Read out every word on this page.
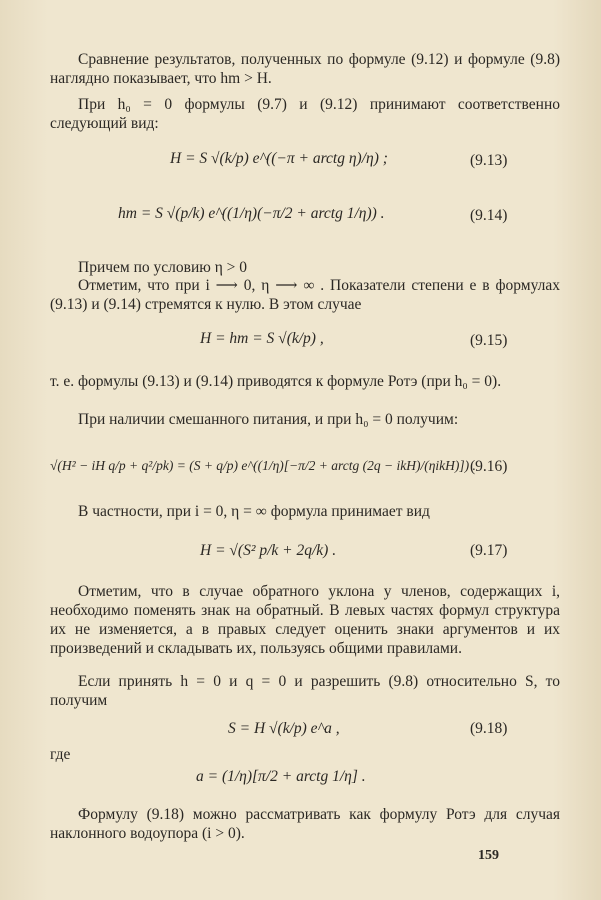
Сравнение результатов, полученных по формуле (9.12) и формуле (9.8) наглядно показывает, что hm > H.
При h₀ = 0 формулы (9.7) и (9.12) принимают соответственно следующий вид:
H = S √(k/p) e^((−π + arctg η)/η) ;	(9.13)
hm = S √(p/k) e^((1/η)(−π/2 + arctg 1/η)) .	(9.14)
Причем по условию η > 0
Отметим, что при i ⟶ 0, η ⟶ ∞ . Показатели степени e в формулах (9.13) и (9.14) стремятся к нулю. В этом случае
H = hm = S √(k/p) ,	(9.15)
т. е. формулы (9.13) и (9.14) приводятся к формуле Ротэ (при h₀ = 0).
При наличии смешанного питания, и при h₀ = 0 получим:
√(H² − iH q/p + q²/pk) = (S + q/p) e^((1/η)[−π/2 + arctg (2q − ikH)/(ηikH)]) .
(9.16)
В частности, при i = 0, η = ∞ формула принимает вид
H = √(S² p/k + 2q/k) .	(9.17)
Отметим, что в случае обратного уклона у членов, содержащих i, необходимо поменять знак на обратный. В левых частях формул структура их не изменяется, а в правых следует оценить знаки аргументов и их произведений и складывать их, пользуясь общими правилами.
Если принять h = 0 и q = 0 и разрешить (9.8) относительно S, то получим
S = H √(k/p) e^a ,	(9.18)
где
a = (1/η)[π/2 + arctg 1/η] .
Формулу (9.18) можно рассматривать как формулу Ротэ для случая наклонного водоупора (i > 0).
159
